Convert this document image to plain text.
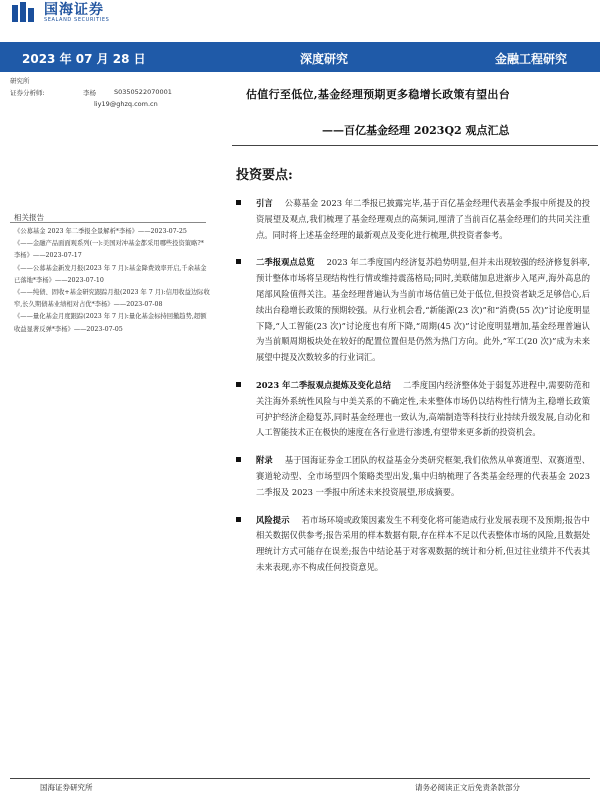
国海证券
SEALAND SECURITIES
2023 年 07 月 28 日	深度研究	金融工程研究
研究所
证券分析师:	李杨	S0350522070001
liy19@ghzq.com.cn
估值行至低位,基金经理预期更多稳增长政策有望出台
——百亿基金经理 2023Q2 观点汇总
投资要点:
相关报告
《公募基金 2023 年二季报全景解析*李杨》——2023-07-25
《——金融产品面面观系列(一):美国对冲基金都采用哪些投资策略?*李杨》——2023-07-17
《——公募基金新发月报(2023 年 7 月):基金降费效率开启,千余基金已落地*李杨》——2023-07-10
《——纯债、固收+基金研究跟踪月报(2023 年 7 月):信用收益边际收窄,长久期债基业绩相对占优*李杨》——2023-07-08
《——量化基金月度跟踪(2023 年 7 月):量化基金标持回撤趋势,超额收益显著反弹*李杨》——2023-07-05

引言 公募基金 2023 年二季报已披露完毕,基于百亿基金经理代表基金季报中所提及的投资展望及观点,我们梳理了基金经理观点的高频词,厘清了当前百亿基金经理们的共同关注重点。同时将上述基金经理的最新观点及变化进行梳理,供投资者参考。

二季报观点总览 2023 年二季度国内经济复苏趋势明显,但并未出现较强的经济修复斜率,预计整体市场将呈现结构性行情或维持震荡格局;同时,美联储加息进渐步入尾声,海外高息的尾部风险值得关注。基金经理普遍认为当前市场估值已处于低位,但投资者缺乏足够信心,后续出台稳增长政策的预期较强。从行业机会看,“新能源(23 次)”和“消费(55 次)”讨论度明显下降,“人工智能(23 次)”讨论度也有所下降,“周期(45 次)”讨论度明显增加,基金经理普遍认为当前顺周期板块处在较好的配置位置但是仍然为热门方向。此外,”军工(20 次)”成为未来展望中提及次数较多的行业词汇。

2023 年二季报观点提炼及变化总结 二季度国内经济整体处于弱复苏进程中,需要防范和关注海外系统性风险与中美关系的不确定性,未来整体市场仍以结构性行情为主,稳增长政策可护护经济企稳复苏,同时基金经理也一致认为,高端制造等科技行业持续升级发展,自动化和人工智能技术正在极快的速度在各行业进行渗透,有望带来更多新的投资机会。

附录 基于国海证券金工团队的权益基金分类研究框架,我们依然从单赛道型、双赛道型、赛道轮动型、全市场型四个策略类型出发,集中归纳梳理了各类基金经理的代表基金 2023 二季报及 2023 一季报中所述未来投资展望,形成摘要。

风险提示 若市场环境或政策因素发生不利变化将可能造成行业发展表现不及预期;报告中相关数据仅供参考;报告采用的样本数据有限,存在样本不足以代表整体市场的风险,且数据处理统计方式可能存在误差;报告中结论基于对客观数据的统计和分析,但过往业绩并不代表其未来表现,亦不构成任何投资意见。

国海证券研究所	请务必阅读正文后免责条款部分
